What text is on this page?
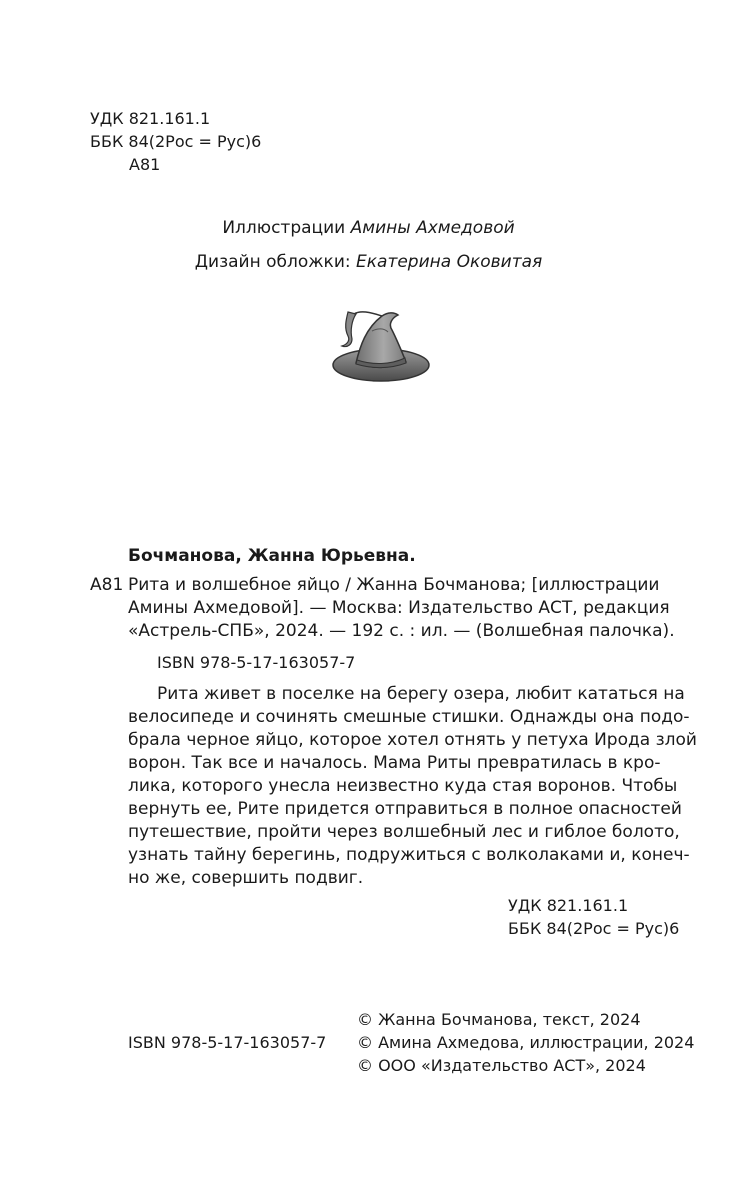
УДК 821.161.1

ББК 84(2Рос = Рус)6

А81

Иллюстрации Амины Ахмедовой

Дизайн обложки: Екатерина Оковитая

Бочманова, Жанна Юрьевна.

А81 Рита и волшебное яйцо / Жанна Бочманова; [иллюстрации

Амины Ахмедовой]. — Москва: Издательство АСТ, редакция

«Астрель-СПБ», 2024. — 192 с. : ил. — (Волшебная палочка).

ISBN 978-5-17-163057-7

Рита живет в поселке на берегу озера, любит кататься на

велосипеде и сочинять смешные стишки. Однажды она подо-

брала черное яйцо, которое хотел отнять у петуха Ирода злой

ворон. Так все и началось. Мама Риты превратилась в кро-

лика, которого унесла неизвестно куда стая воронов. Чтобы

вернуть ее, Рите придется отправиться в полное опасностей

путешествие, пройти через волшебный лес и гиблое болото,

узнать тайну берегинь, подружиться с волколаками и, конеч-

но же, совершить подвиг.

УДК 821.161.1

ББК 84(2Рос = Рус)6

ISBN 978-5-17-163057-7

© Жанна Бочманова, текст, 2024

© Амина Ахмедова, иллюстрации, 2024

© ООО «Издательство АСТ», 2024
